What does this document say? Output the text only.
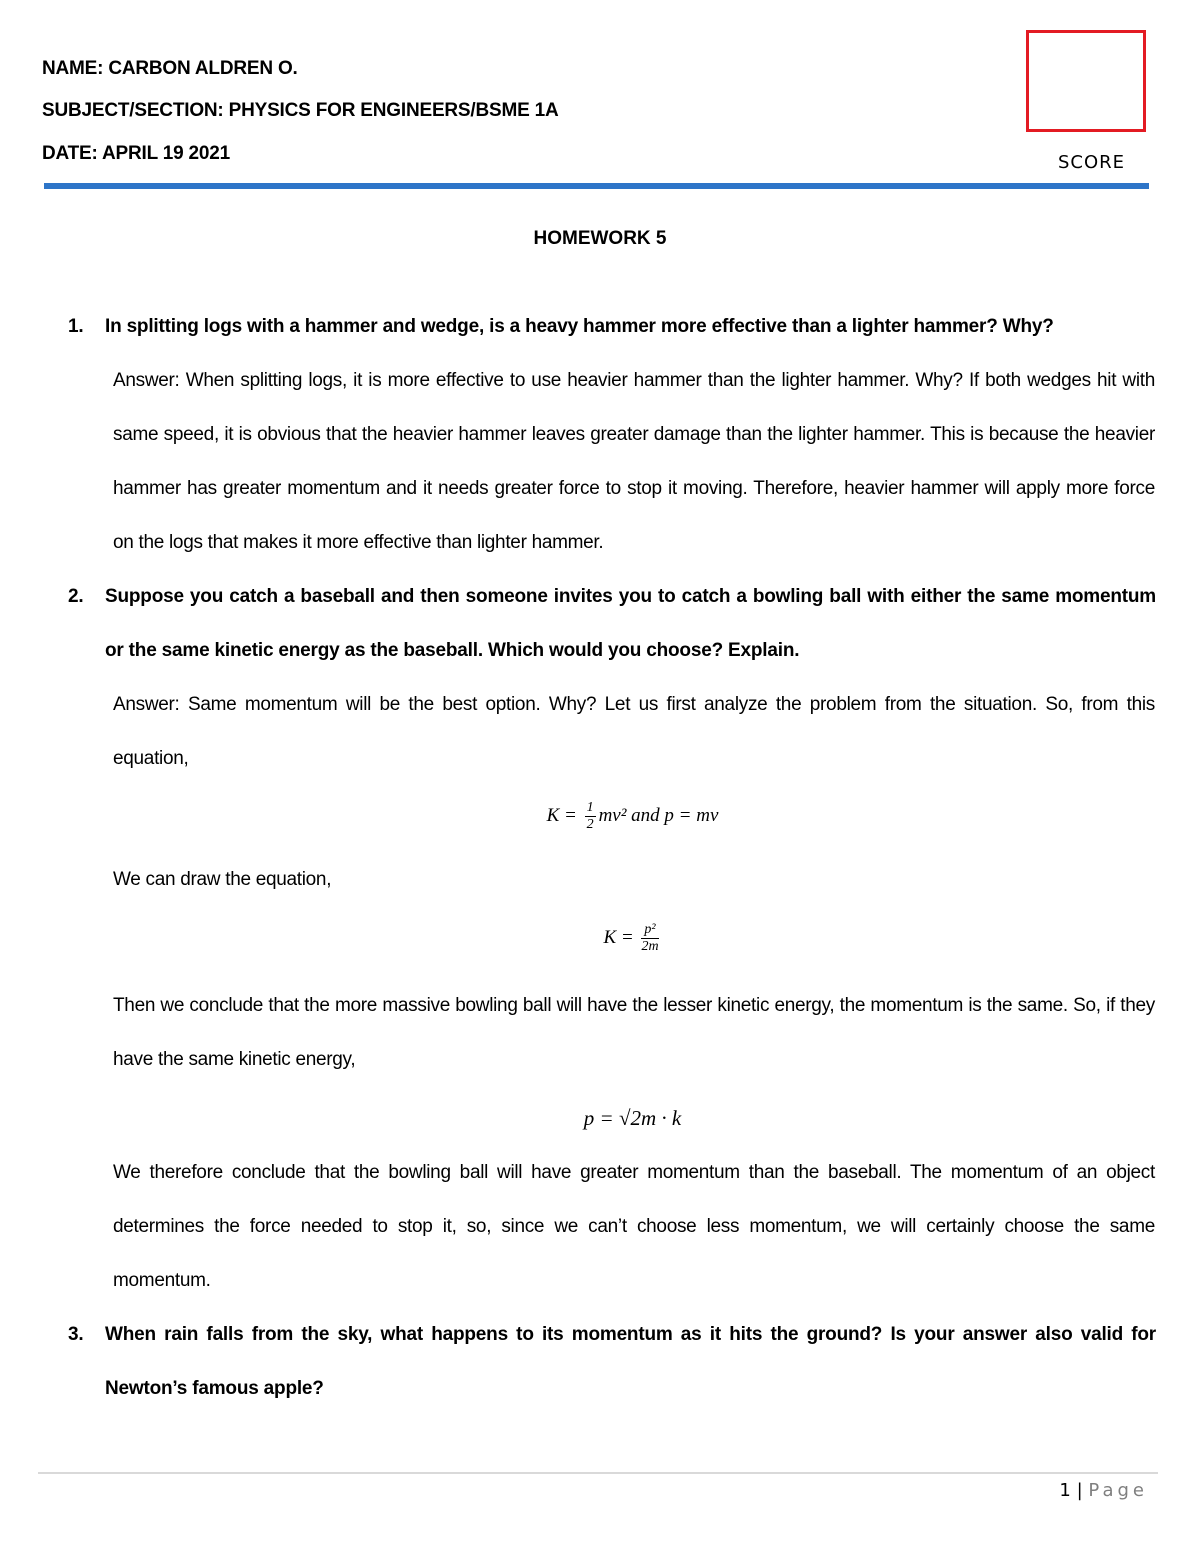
NAME: CARBON ALDREN O.
SUBJECT/SECTION: PHYSICS FOR ENGINEERS/BSME 1A
DATE: APRIL 19 2021	SCORE
HOMEWORK 5
1. In splitting logs with a hammer and wedge, is a heavy hammer more effective than a lighter hammer? Why?
Answer: When splitting logs, it is more effective to use heavier hammer than the lighter hammer. Why? If both wedges hit with same speed, it is obvious that the heavier hammer leaves greater damage than the lighter hammer. This is because the heavier hammer has greater momentum and it needs greater force to stop it moving. Therefore, heavier hammer will apply more force on the logs that makes it more effective than lighter hammer.
2. Suppose you catch a baseball and then someone invites you to catch a bowling ball with either the same momentum or the same kinetic energy as the baseball. Which would you choose? Explain.
Answer: Same momentum will be the best option. Why? Let us first analyze the problem from the situation. So, from this equation,
$K = \frac{1}{2} mv^2$ and p = mv
We can draw the equation,
$K = \frac{\text{p²}}{2m}$
Then we conclude that the more massive bowling ball will have the lesser kinetic energy, the momentum is the same. So, if they have the same kinetic energy,
p = √2m · k
We therefore conclude that the bowling ball will have greater momentum than the baseball. The momentum of an object determines the force needed to stop it, so, since we can’t choose less momentum, we will certainly choose the same momentum.
3. When rain falls from the sky, what happens to its momentum as it hits the ground? Is your answer also valid for Newton’s famous apple?
1 | Page
